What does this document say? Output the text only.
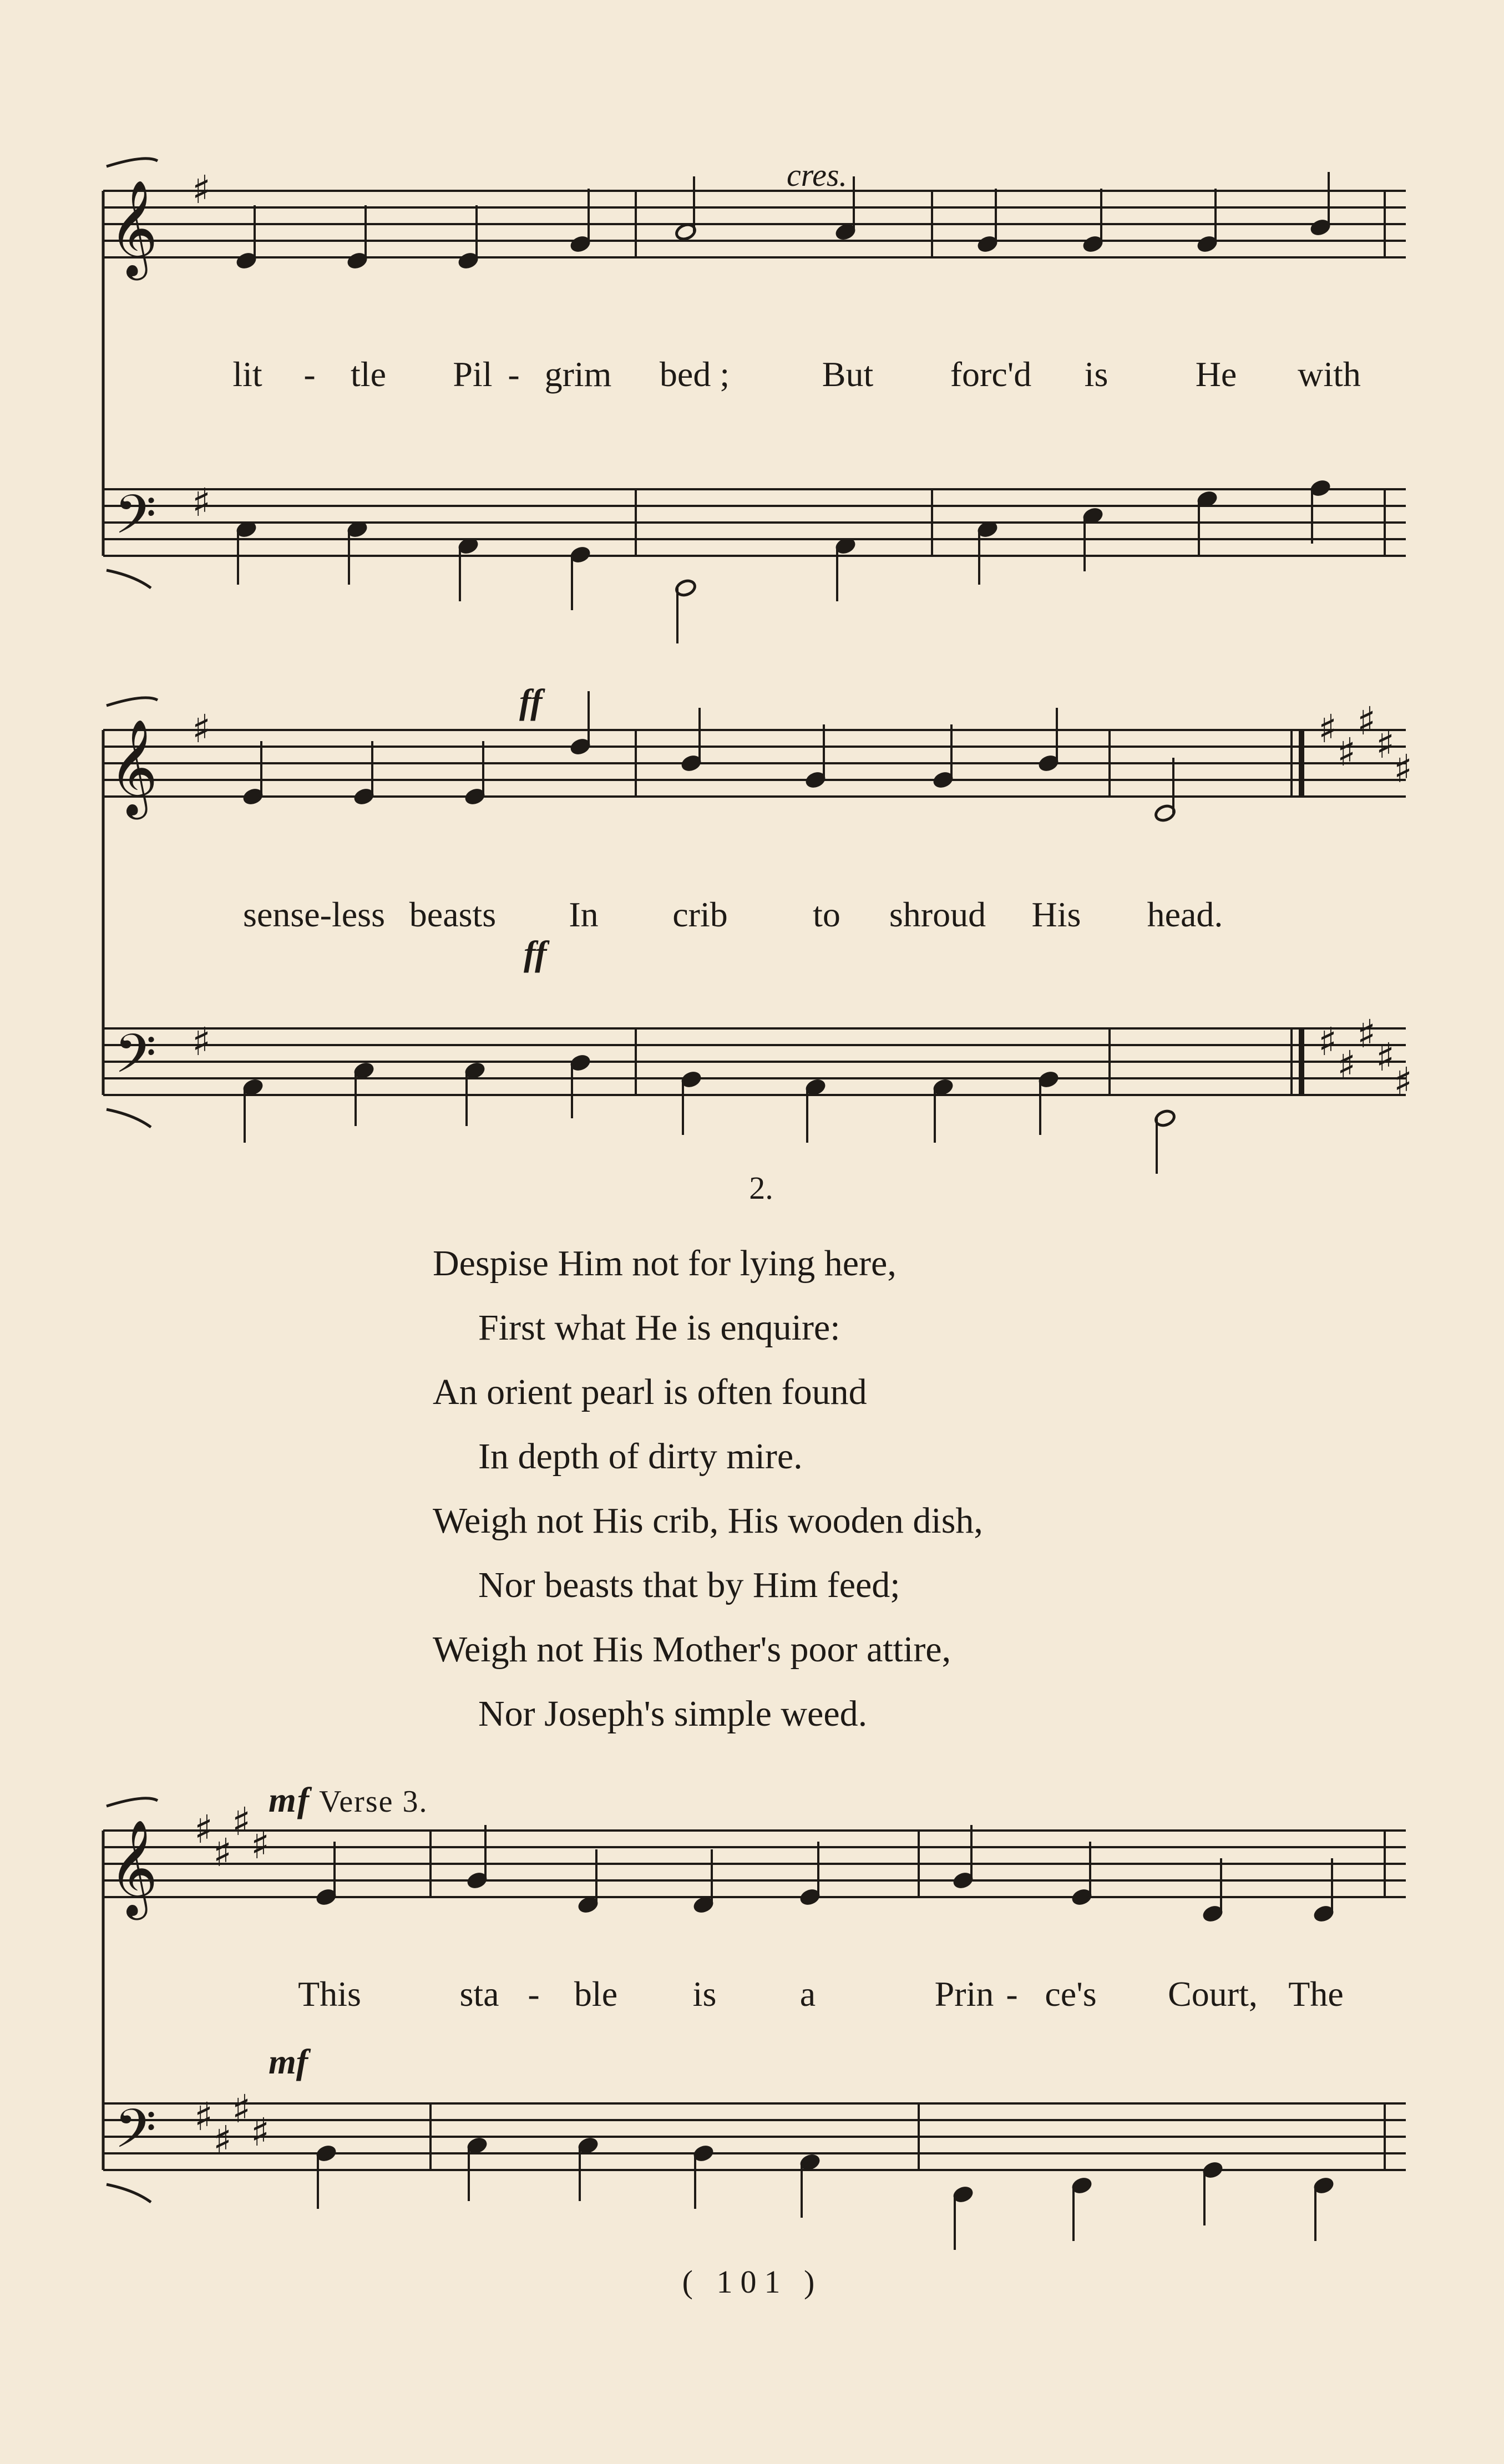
cres.
𝄞
𝄢
♯
♯
𝄞
𝄢
♯
♯
♯
♯
♯
♯
♯
♯
♯
♯
♯
♯
𝄞
𝄢
♯
♯
♯
♯
♯
♯
♯
♯
lit - tle Pil - grim bed ;	But forc'd is He with
ff
ff
sense-less beasts In crib to shroud His head.
2.
Despise Him not for lying here,
First what He is enquire:
An orient pearl is often found
In depth of dirty mire.
Weigh not His crib, His wooden dish,
Nor beasts that by Him feed;
Weigh not His Mother's poor attire,
Nor Joseph's simple weed.
mf Verse 3.
mf
This	sta - ble is a	Prin - ce's Court, The
( 101 )
